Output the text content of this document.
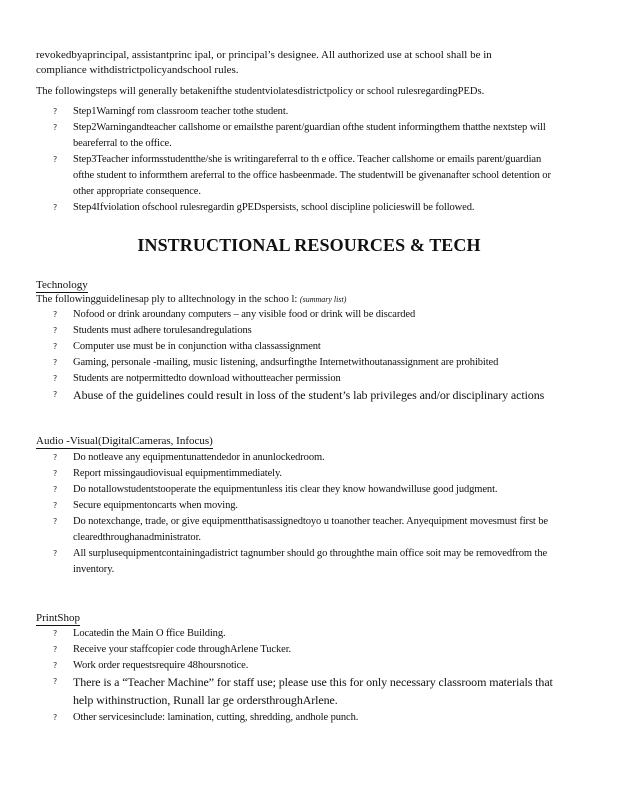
revokedbyaprincipal, assistantprinc ipal, or principal’s designee. All authorized use at school shall be in

compliance withdistrictpolicyandschool rules.

The followingsteps will generally betakenifthe studentviolatesdistrictpolicy or school rulesregardingPEDs.

? Step1Warningf rom classroom teacher tothe student.
? Step2Warningandteacher callshome or emailsthe parent/guardian ofthe student informingthem thatthe nextstep will beareferral to the office.
? Step3Teacher informsstudentthe/she is writingareferral to th e office. Teacher callshome or emails parent/guardian ofthe student to informthem areferral to the office hasbeenmade. The studentwill be givenanafter school detention or other appropriate consequence.
? Step4Ifviolation ofschool rulesregardin gPEDspersists, school discipline policieswill be followed.
INSTRUCTIONAL RESOURCES & TECH
Technology

The followingguidelinesap ply to alltechnology in the schoo l: (summary list)

? Nofood or drink aroundany computers – any visible food or drink will be discarded
? Students must adhere torulesandregulations
? Computer use must be in conjunction witha classassignment
? Gaming, personale -mailing, music listening, andsurfingthe Internetwithoutanassignment are prohibited
? Students are notpermittedto download withoutteacher permission
? Abuse of the guidelines could result in loss of the student’s lab privileges and/or disciplinary actions
Audio -Visual(DigitalCameras, Infocus)
? Do notleave any equipmentunattendedor in anunlockedroom.
? Report missingaudiovisual equipmentimmediately.
? Do notallowstudentstooperate the equipmentunless itis clear they know howandwilluse good judgment.
? Secure equipmentoncarts when moving.
? Do notexchange, trade, or give equipmentthatisassignedtoyo u toanother teacher. Anyequipment movesmust first be clearedthroughanadministrator.
? All surplusequipmentcontainingadistrict tagnumber should go throughthe main office soit may be removedfrom the inventory.
PrintShop
? Locatedin the Main O ffice Building.
? Receive your staffcopier code throughArlene Tucker.
? Work order requestsrequire 48hoursnotice.
? There is a “Teacher Machine” for staff use; please use this for only necessary classroom materials that help withinstruction, Runall lar ge ordersthroughArlene.
? Other servicesinclude: lamination, cutting, shredding, andhole punch.
